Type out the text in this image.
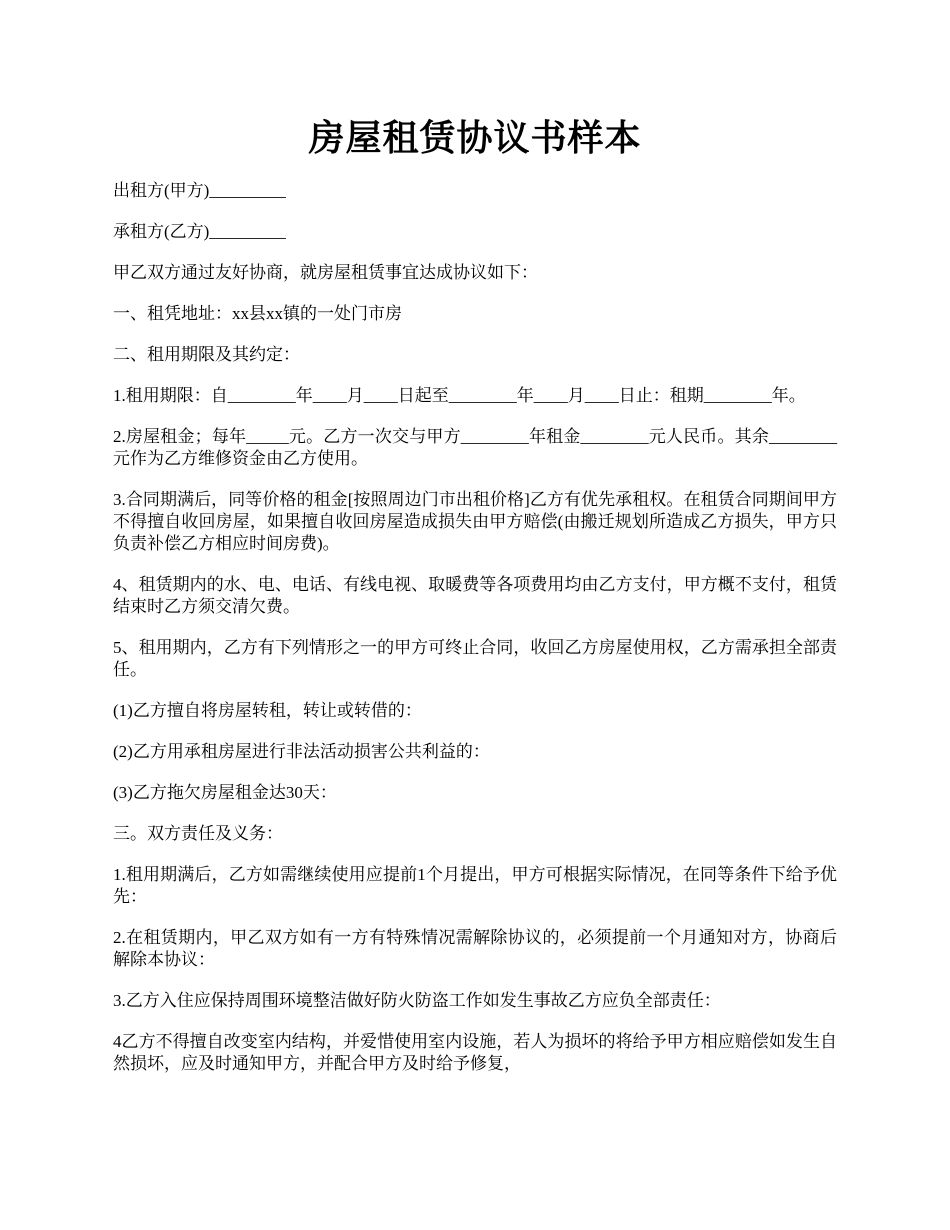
房屋租赁协议书样本

出租方(甲方)_________

承租方(乙方)_________

甲乙双方通过友好协商，就房屋租赁事宜达成协议如下：

一、租凭地址：xx县xx镇的一处门市房

二、租用期限及其约定：

1.租用期限：自________年____月____日起至________年____月____日止：租期________年。

2.房屋租金；每年_____元。乙方一次交与甲方________年租金________元人民币。其余________元作为乙方维修资金由乙方使用。

3.合同期满后，同等价格的租金[按照周边门市出租价格]乙方有优先承租权。在租赁合同期间甲方不得擅自收回房屋，如果擅自收回房屋造成损失由甲方赔偿(由搬迁规划所造成乙方损失，甲方只负责补偿乙方相应时间房费)。

4、租赁期内的水、电、电话、有线电视、取暖费等各项费用均由乙方支付，甲方概不支付，租赁结束时乙方须交清欠费。

5、租用期内，乙方有下列情形之一的甲方可终止合同，收回乙方房屋使用权，乙方需承担全部责任。

(1)乙方擅自将房屋转租，转让或转借的：

(2)乙方用承租房屋进行非法活动损害公共利益的：

(3)乙方拖欠房屋租金达30天：

三。双方责任及义务：

1.租用期满后，乙方如需继续使用应提前1个月提出，甲方可根据实际情况，在同等条件下给予优先：

2.在租赁期内，甲乙双方如有一方有特殊情况需解除协议的，必须提前一个月通知对方，协商后解除本协议：

3.乙方入住应保持周围环境整洁做好防火防盗工作如发生事故乙方应负全部责任：

4乙方不得擅自改变室内结构，并爱惜使用室内设施，若人为损坏的将给予甲方相应赔偿如发生自然损坏，应及时通知甲方，并配合甲方及时给予修复，
